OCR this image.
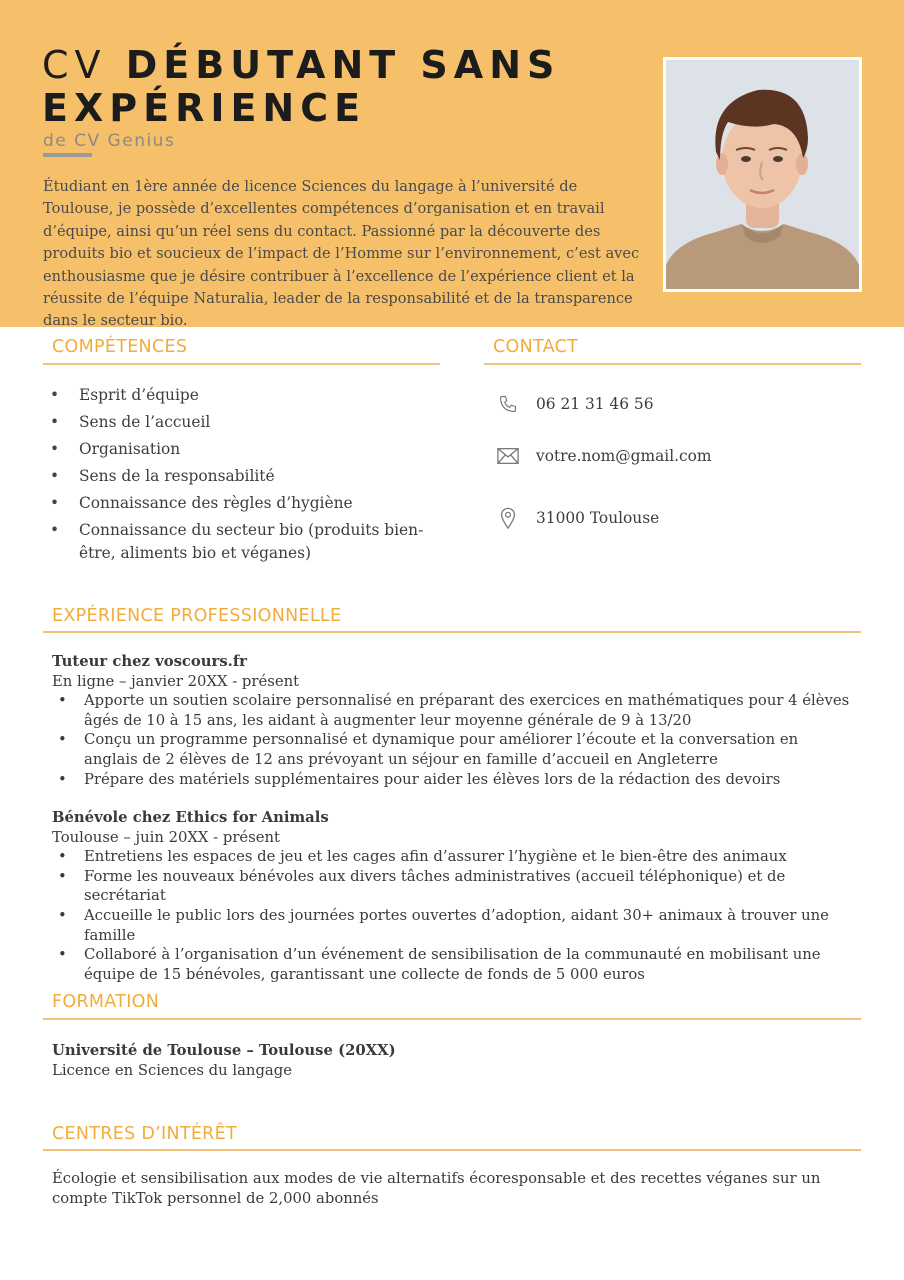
CV DÉBUTANT SANS
EXPÉRIENCE
de CV Genius
Étudiant en 1ère année de licence Sciences du langage à l’université de Toulouse, je possède d’excellentes compétences d’organisation et en travail d’équipe, ainsi qu’un réel sens du contact. Passionné par la découverte des produits bio et soucieux de l’impact de l’Homme sur l’environnement, c’est avec enthousiasme que je désire contribuer à l’excellence de l’expérience client et la réussite de l’équipe Naturalia, leader de la responsabilité et de la transparence dans le secteur bio.
COMPÉTENCES
• Esprit d’équipe
• Sens de l’accueil
• Organisation
• Sens de la responsabilité
• Connaissance des règles d’hygiène
• Connaissance du secteur bio (produits bien-être, aliments bio et véganes)
CONTACT
06 21 31 46 56
votre.nom@gmail.com
31000 Toulouse
EXPÉRIENCE PROFESSIONNELLE
Tuteur chez voscours.fr
En ligne – janvier 20XX - présent
• Apporte un soutien scolaire personnalisé en préparant des exercices en mathématiques pour 4 élèves âgés de 10 à 15 ans, les aidant à augmenter leur moyenne générale de 9 à 13/20
• Conçu un programme personnalisé et dynamique pour améliorer l’écoute et la conversation en anglais de 2 élèves de 12 ans prévoyant un séjour en famille d’accueil en Angleterre
• Prépare des matériels supplémentaires pour aider les élèves lors de la rédaction des devoirs
Bénévole chez Ethics for Animals
Toulouse – juin 20XX - présent
• Entretiens les espaces de jeu et les cages afin d’assurer l’hygiène et le bien-être des animaux
• Forme les nouveaux bénévoles aux divers tâches administratives (accueil téléphonique) et de secrétariat
• Accueille le public lors des journées portes ouvertes d’adoption, aidant 30+ animaux à trouver une famille
• Collaboré à l’organisation d’un événement de sensibilisation de la communauté en mobilisant une équipe de 15 bénévoles, garantissant une collecte de fonds de 5 000 euros
FORMATION
Université de Toulouse – Toulouse (20XX)
Licence en Sciences du langage
CENTRES D’INTÉRÊT
Écologie et sensibilisation aux modes de vie alternatifs écoresponsable et des recettes véganes sur un compte TikTok personnel de 2,000 abonnés
